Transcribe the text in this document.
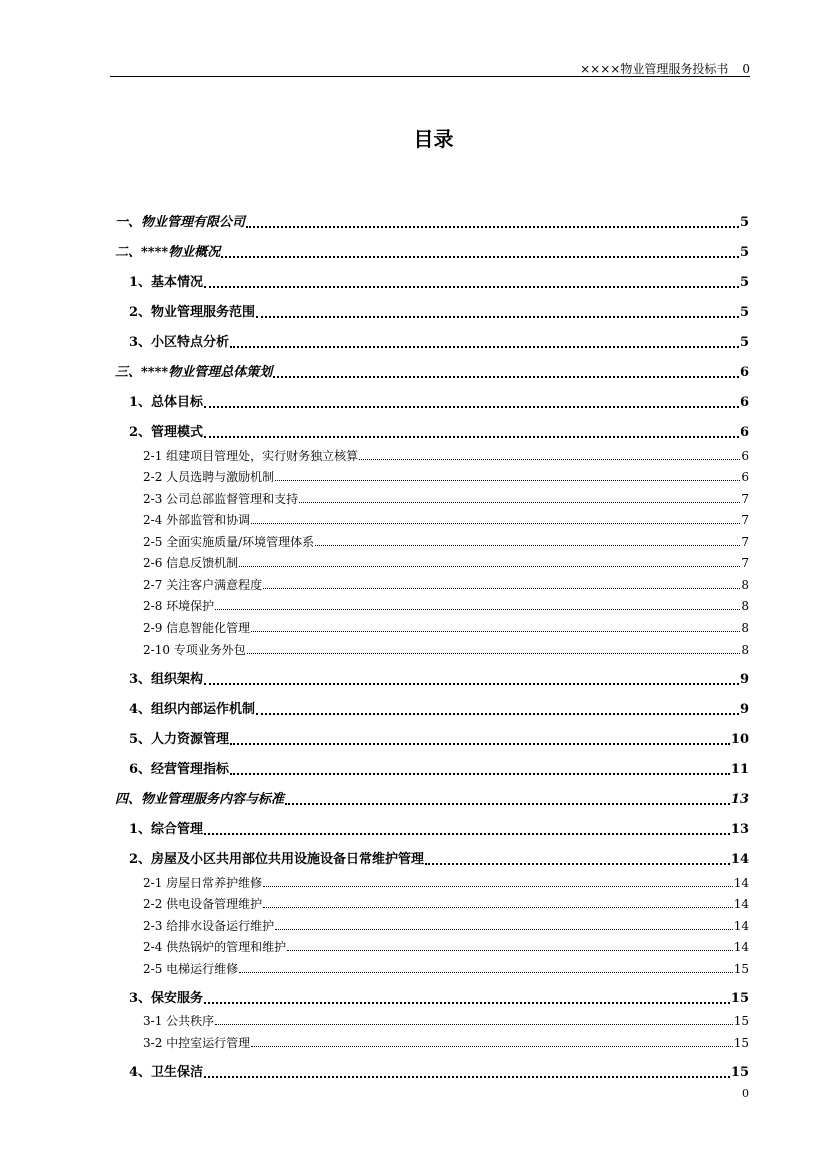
××××物业管理服务投标书 0
目录
一、物业管理有限公司	5
二、****物业概况	5
1、基本情况	5
2、物业管理服务范围	5
3、小区特点分析	5
三、****物业管理总体策划	6
1、总体目标	6
2、管理模式	6
2-1 组建项目管理处，实行财务独立核算	6
2-2 人员选聘与激励机制	6
2-3 公司总部监督管理和支持	7
2-4 外部监管和协调	7
2-5 全面实施质量/环境管理体系	7
2-6 信息反馈机制	7
2-7 关注客户满意程度	8
2-8 环境保护	8
2-9 信息智能化管理	8
2-10 专项业务外包	8
3、组织架构	9
4、组织内部运作机制	9
5、人力资源管理	10
6、经营管理指标	11
四、物业管理服务内容与标准	13
1、综合管理	13
2、房屋及小区共用部位共用设施设备日常维护管理	14
2-1 房屋日常养护维修	14
2-2 供电设备管理维护	14
2-3 给排水设备运行维护	14
2-4 供热锅炉的管理和维护	14
2-5 电梯运行维修	15
3、保安服务	15
3-1 公共秩序	15
3-2 中控室运行管理	15
4、卫生保洁	15
0
